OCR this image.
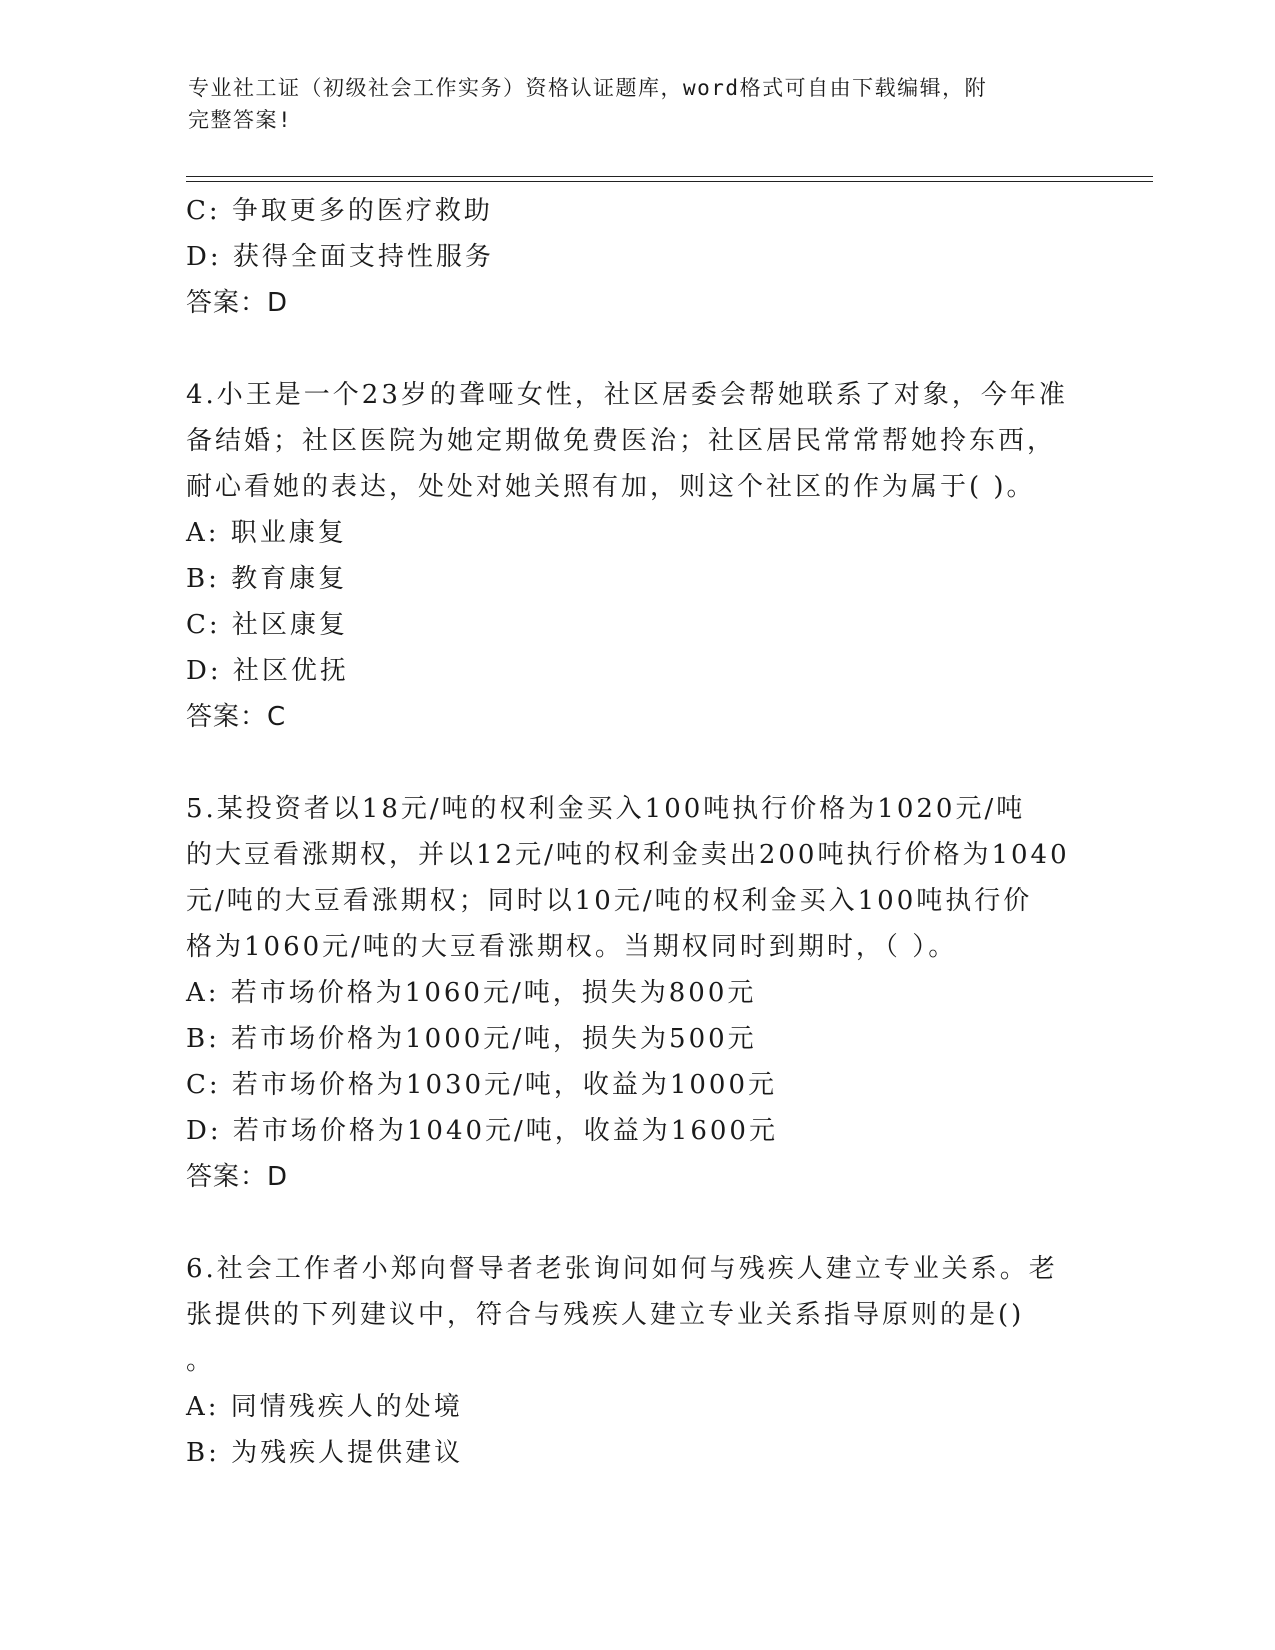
专业社工证（初级社会工作实务）资格认证题库，word格式可自由下载编辑，附
完整答案!
C: 争取更多的医疗救助
D: 获得全面支持性服务
答案：D
4.小王是一个23岁的聋哑女性，社区居委会帮她联系了对象，今年准
备结婚；社区医院为她定期做免费医治；社区居民常常帮她拎东西，
耐心看她的表达，处处对她关照有加，则这个社区的作为属于( )。
A: 职业康复
B: 教育康复
C: 社区康复
D: 社区优抚
答案：C
5.某投资者以18元/吨的权利金买入100吨执行价格为1020元/吨
的大豆看涨期权，并以12元/吨的权利金卖出200吨执行价格为1040
元/吨的大豆看涨期权；同时以10元/吨的权利金买入100吨执行价
格为1060元/吨的大豆看涨期权。当期权同时到期时，（ ）。
A: 若市场价格为1060元/吨，损失为800元
B: 若市场价格为1000元/吨，损失为500元
C: 若市场价格为1030元/吨，收益为1000元
D: 若市场价格为1040元/吨，收益为1600元
答案：D
6.社会工作者小郑向督导者老张询问如何与残疾人建立专业关系。老
张提供的下列建议中，符合与残疾人建立专业关系指导原则的是()
。
A: 同情残疾人的处境
B: 为残疾人提供建议
